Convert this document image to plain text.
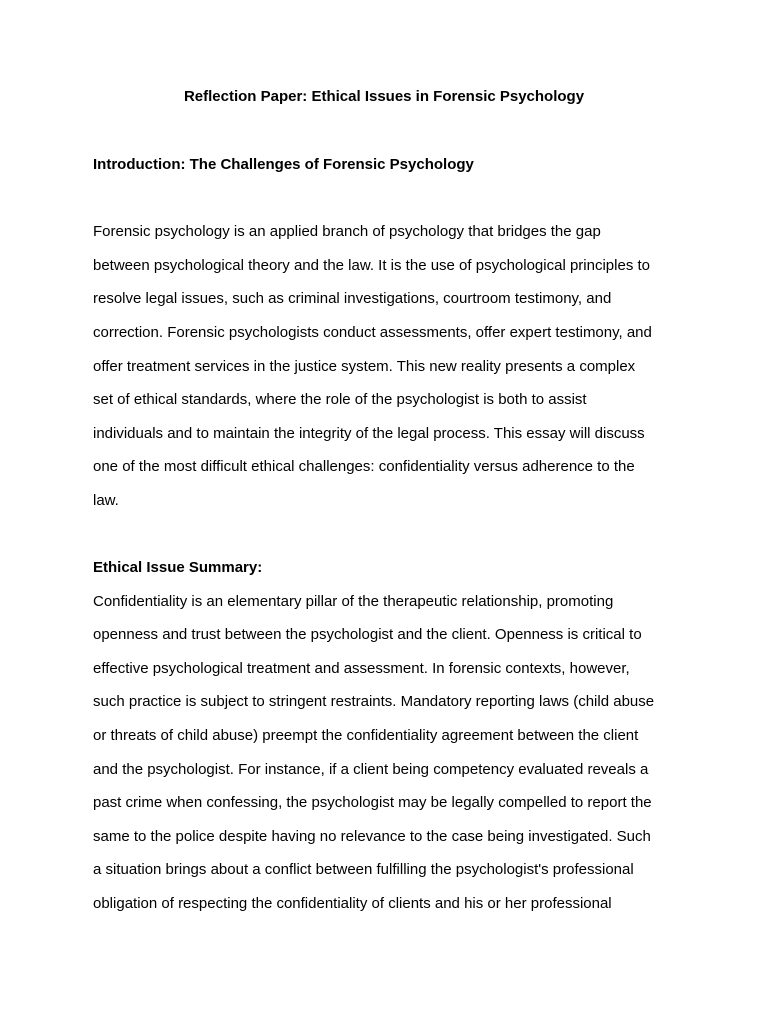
Reflection Paper: Ethical Issues in Forensic Psychology
Introduction: The Challenges of Forensic Psychology

Forensic psychology is an applied branch of psychology that bridges the gap

between psychological theory and the law. It is the use of psychological principles to

resolve legal issues, such as criminal investigations, courtroom testimony, and

correction. Forensic psychologists conduct assessments, offer expert testimony, and

offer treatment services in the justice system. This new reality presents a complex

set of ethical standards, where the role of the psychologist is both to assist

individuals and to maintain the integrity of the legal process. This essay will discuss

one of the most difficult ethical challenges: confidentiality versus adherence to the

law.

Ethical Issue Summary:

Confidentiality is an elementary pillar of the therapeutic relationship, promoting

openness and trust between the psychologist and the client. Openness is critical to

effective psychological treatment and assessment. In forensic contexts, however,

such practice is subject to stringent restraints. Mandatory reporting laws (child abuse

or threats of child abuse) preempt the confidentiality agreement between the client

and the psychologist. For instance, if a client being competency evaluated reveals a

past crime when confessing, the psychologist may be legally compelled to report the

same to the police despite having no relevance to the case being investigated. Such

a situation brings about a conflict between fulfilling the psychologist's professional

obligation of respecting the confidentiality of clients and his or her professional
